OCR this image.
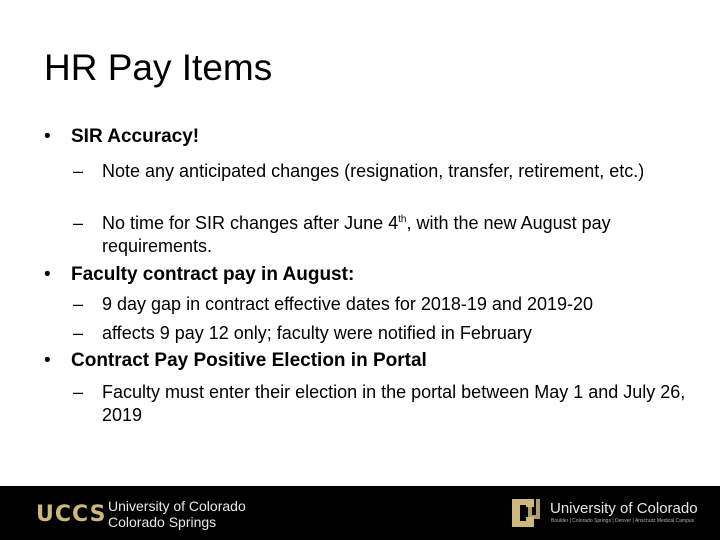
HR Pay Items
• SIR Accuracy!
– Note any anticipated changes (resignation, transfer, retirement, etc.)
– No time for SIR changes after June 4th, with the new August pay requirements.
• Faculty contract pay in August:
– 9 day gap in contract effective dates for 2018-19 and 2019-20
– affects 9 pay 12 only; faculty were notified in February
• Contract Pay Positive Election in Portal
– Faculty must enter their election in the portal between May 1 and July 26, 2019
UCCS University of Colorado
Colorado Springs
University of Colorado
Boulder | Colorado Springs | Denver | Anschutz Medical Campus
